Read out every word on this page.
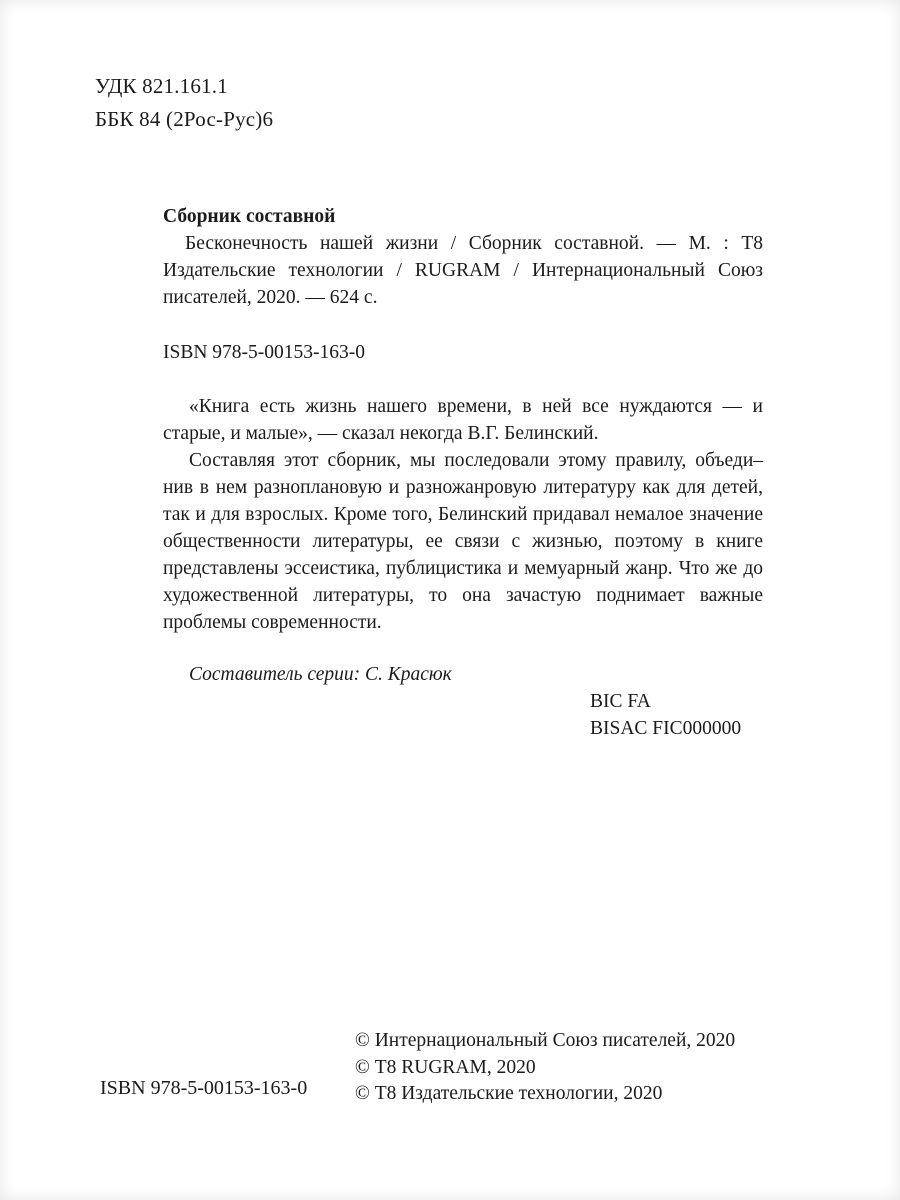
УДК 821.161.1
ББК 84 (2Рос-Рус)6
Сборник составной

Бесконечность нашей жизни / Сборник составной. — М. : Т8 Издательские технологии / RUGRAM / Интернациональный Союз писателей, 2020. — 624 с.

ISBN 978-5-00153-163-0

«Книга есть жизнь нашего времени, в ней все нуждаются — и старые, и малые», — сказал некогда В.Г. Белинский.

Составляя этот сборник, мы последовали этому правилу, объеди–нив в нем разноплановую и разножанровую литературу как для детей, так и для взрослых. Кроме того, Белинский придавал немалое значение общественности литературы, ее связи с жизнью, поэтому в книге представлены эссеистика, публицистика и мемуарный жанр. Что же до художественной литературы, то она зачастую поднимает важные проблемы современности.

Составитель серии: С. Красюк

BIC FA
BISAC FIC000000
ISBN 978-5-00153-163-0
© Интернациональный Союз писателей, 2020
© Т8 RUGRAM, 2020
© Т8 Издательские технологии, 2020
